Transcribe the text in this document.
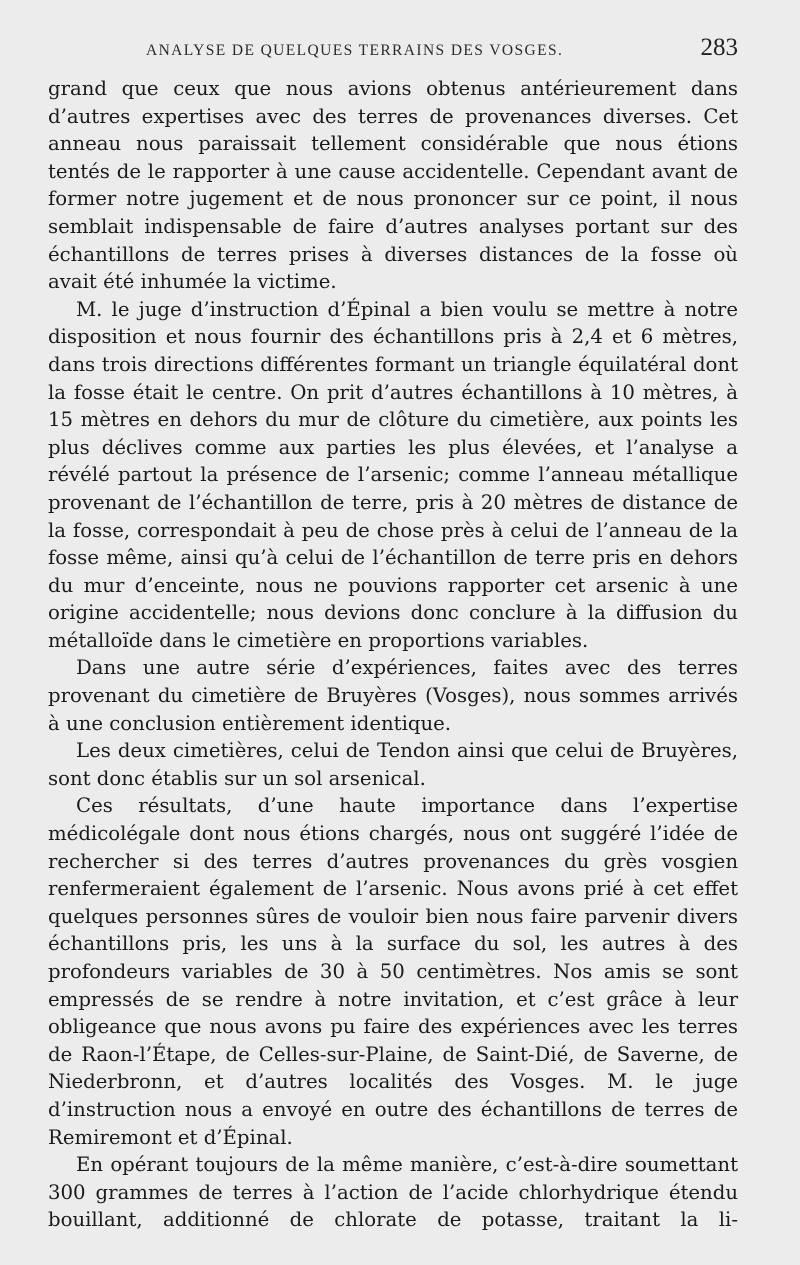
ANALYSE DE QUELQUES TERRAINS DES VOSGES.	283

grand que ceux que nous avions obtenus antérieurement dans d’autres expertises avec des terres de provenances diverses. Cet anneau nous paraissait tellement considérable que nous étions tentés de le rapporter à une cause accidentelle. Cependant avant de former notre jugement et de nous prononcer sur ce point, il nous semblait indispensable de faire d’autres analyses portant sur des échantillons de terres prises à diverses distances de la fosse où avait été inhumée la victime.

M. le juge d’instruction d’Épinal a bien voulu se mettre à notre disposition et nous fournir des échantillons pris à 2,4 et 6 mètres, dans trois directions différentes formant un triangle équilatéral dont la fosse était le centre. On prit d’autres échantillons à 10 mètres, à 15 mètres en dehors du mur de clôture du cimetière, aux points les plus déclives comme aux parties les plus élevées, et l’analyse a révélé partout la présence de l’arsenic; comme l’anneau métallique provenant de l’échantillon de terre, pris à 20 mètres de distance de la fosse, correspondait à peu de chose près à celui de l’anneau de la fosse même, ainsi qu’à celui de l’échantillon de terre pris en dehors du mur d’enceinte, nous ne pouvions rapporter cet arsenic à une origine accidentelle; nous devions donc conclure à la diffusion du métalloïde dans le cimetière en proportions variables.

Dans une autre série d’expériences, faites avec des terres provenant du cimetière de Bruyères (Vosges), nous sommes arrivés à une conclusion entièrement identique.

Les deux cimetières, celui de Tendon ainsi que celui de Bruyères, sont donc établis sur un sol arsenical.

Ces résultats, d’une haute importance dans l’expertise médicolégale dont nous étions chargés, nous ont suggéré l’idée de rechercher si des terres d’autres provenances du grès vosgien renfermeraient également de l’arsenic. Nous avons prié à cet effet quelques personnes sûres de vouloir bien nous faire parvenir divers échantillons pris, les uns à la surface du sol, les autres à des profondeurs variables de 30 à 50 centimètres. Nos amis se sont empressés de se rendre à notre invitation, et c’est grâce à leur obligeance que nous avons pu faire des expériences avec les terres de Raon-l’Étape, de Celles-sur-Plaine, de Saint-Dié, de Saverne, de Niederbronn, et d’autres localités des Vosges. M. le juge d’instruction nous a envoyé en outre des échantillons de terres de Remiremont et d’Épinal.

En opérant toujours de la même manière, c’est-à-dire soumettant 300 grammes de terres à l’action de l’acide chlorhydrique étendu bouillant, additionné de chlorate de potasse, traitant la li-
